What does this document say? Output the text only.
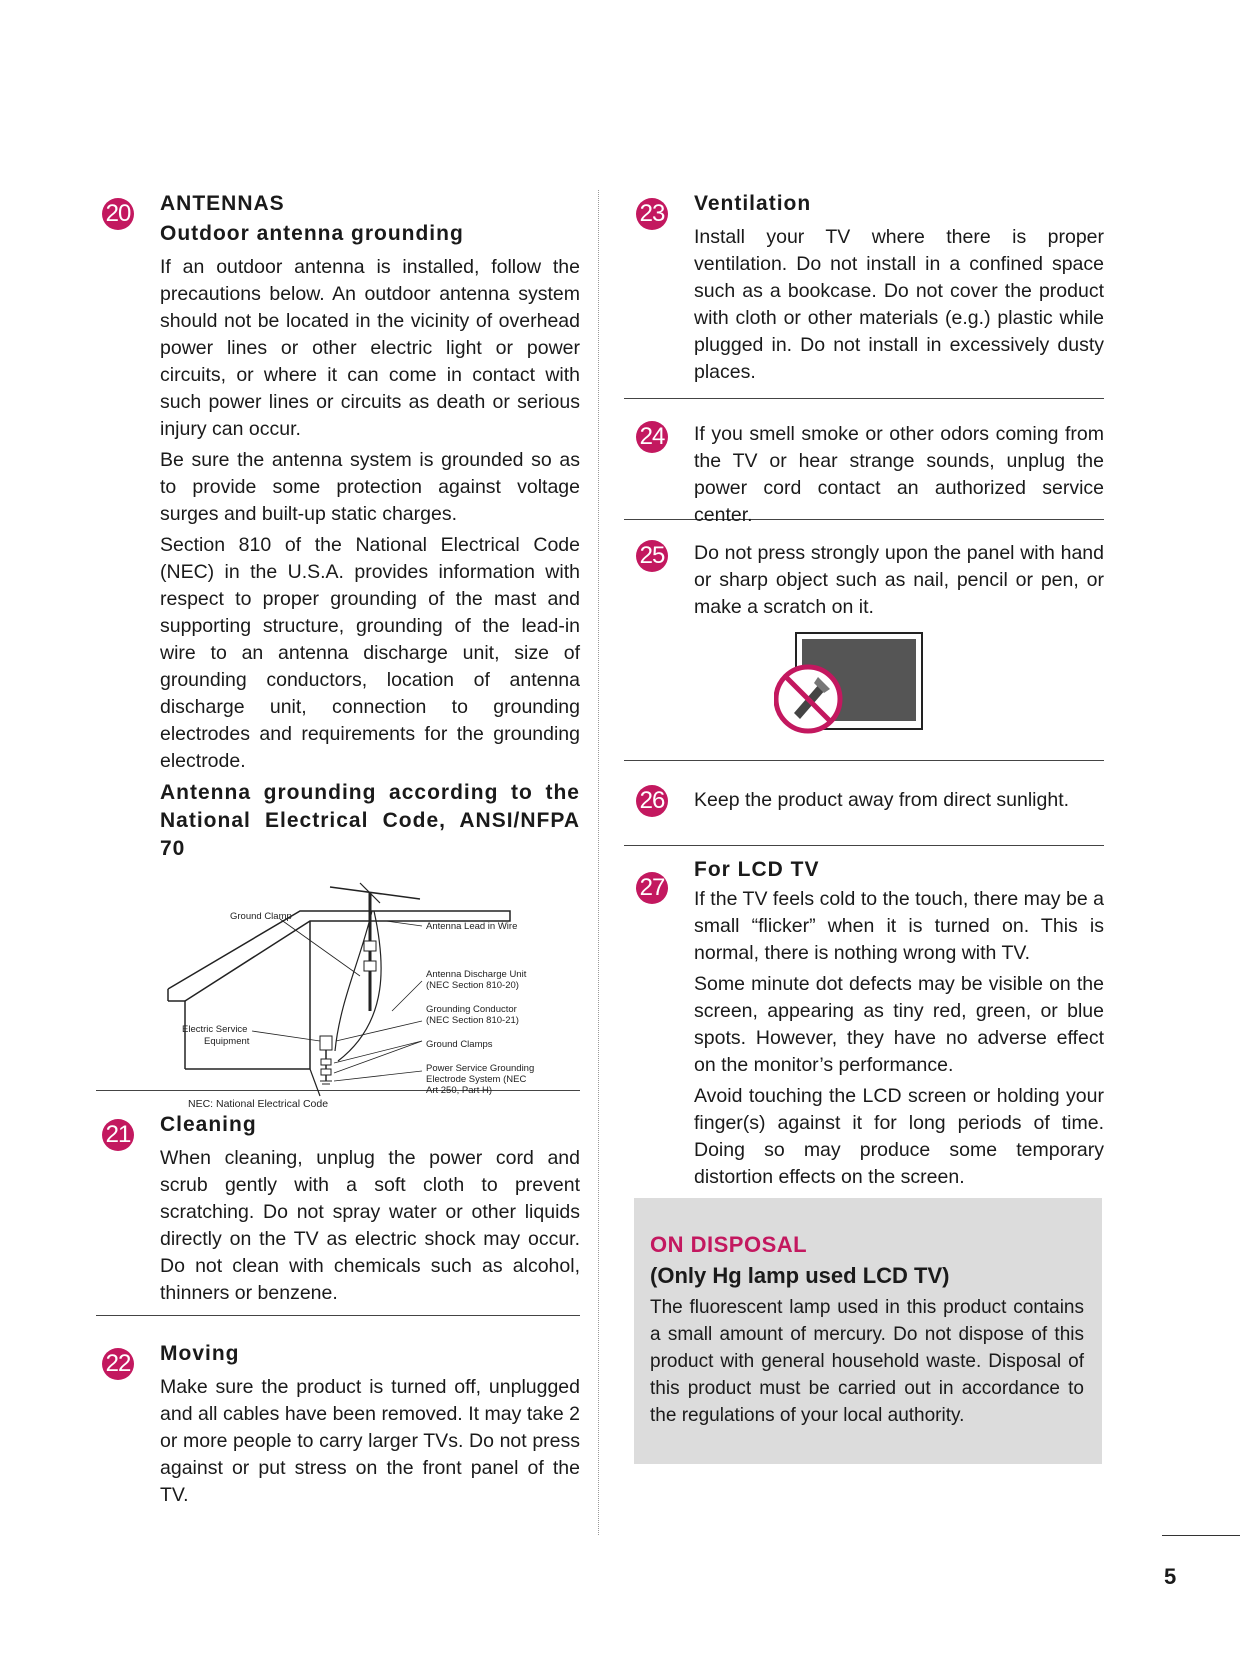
20 ANTENNAS
Outdoor antenna grounding

If an outdoor antenna is installed, follow the precautions below. An outdoor antenna system should not be located in the vicinity of overhead power lines or other electric light or power circuits, or where it can come in contact with such power lines or circuits as death or serious injury can occur.

Be sure the antenna system is grounded so as to provide some protection against voltage surges and built-up static charges.

Section 810 of the National Electrical Code (NEC) in the U.S.A. provides information with respect to proper grounding of the mast and supporting structure, grounding of the lead-in wire to an antenna discharge unit, size of grounding conductors, location of antenna discharge unit, connection to grounding electrodes and requirements for the grounding electrode.

Antenna grounding according to the National Electrical Code, ANSI/NFPA 70
Ground Clamp
Antenna Lead in Wire
Antenna Discharge Unit
(NEC Section 810-20)
Grounding Conductor
(NEC Section 810-21)
Electric Service
Equipment	Ground Clamps
Power Service Grounding
Electrode System (NEC
Art 250, Part H)
NEC: National Electrical Code
21 Cleaning

When cleaning, unplug the power cord and scrub gently with a soft cloth to prevent scratching. Do not spray water or other liquids directly on the TV as electric shock may occur. Do not clean with chemicals such as alcohol, thinners or benzene.

22 Moving

Make sure the product is turned off, unplugged and all cables have been removed. It may take 2 or more people to carry larger TVs. Do not press against or put stress on the front panel of the TV.

23 Ventilation

Install your TV where there is proper ventilation. Do not install in a confined space such as a bookcase. Do not cover the product with cloth or other materials (e.g.) plastic while plugged in. Do not install in excessively dusty places.

24 If you smell smoke or other odors coming from the TV or hear strange sounds, unplug the power cord contact an authorized service center.

25 Do not press strongly upon the panel with hand or sharp object such as nail, pencil or pen, or make a scratch on it.

26 Keep the product away from direct sunlight.

27
For LCD TV

If the TV feels cold to the touch, there may be a small “flicker” when it is turned on. This is normal, there is nothing wrong with TV.

Some minute dot defects may be visible on the screen, appearing as tiny red, green, or blue spots. However, they have no adverse effect on the monitor’s performance.

Avoid touching the LCD screen or holding your finger(s) against it for long periods of time. Doing so may produce some temporary distortion effects on the screen.

ON DISPOSAL
(Only Hg lamp used LCD TV)

The fluorescent lamp used in this product contains a small amount of mercury. Do not dispose of this product with general household waste. Disposal of this product must be carried out in accordance to the regulations of your local authority.

5
